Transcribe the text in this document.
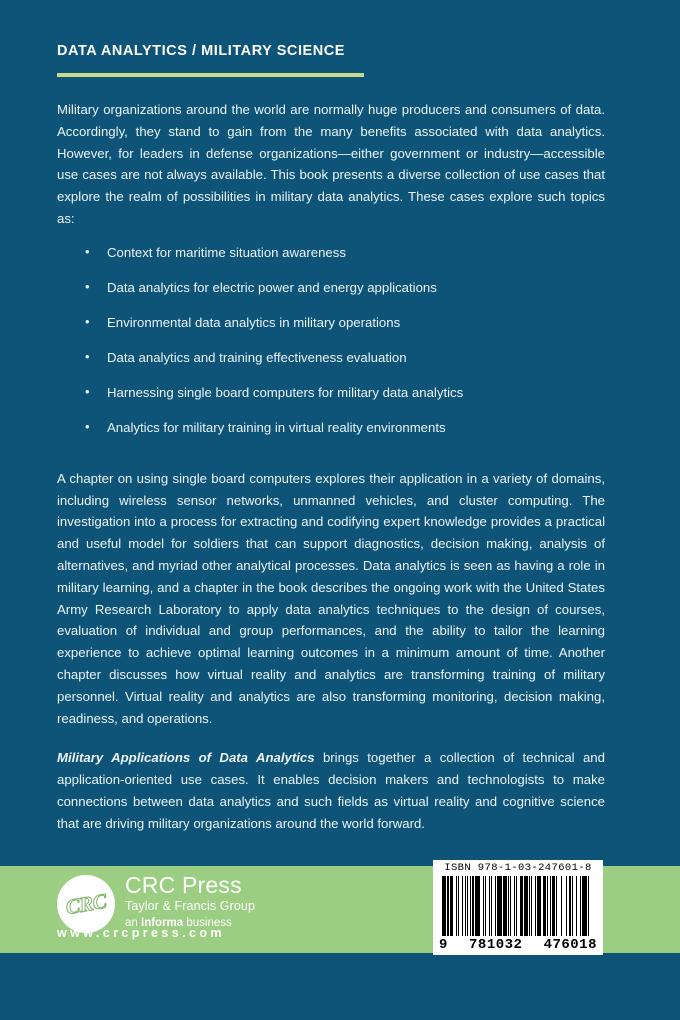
DATA ANALYTICS / MILITARY SCIENCE

Military organizations around the world are normally huge producers and consumers of data. Accordingly, they stand to gain from the many benefits associated with data analytics. However, for leaders in defense organizations—either government or industry—accessible use cases are not always available. This book presents a diverse collection of use cases that explore the realm of possibilities in military data analytics. These cases explore such topics as:

• Context for maritime situation awareness
• Data analytics for electric power and energy applications
• Environmental data analytics in military operations
• Data analytics and training effectiveness evaluation
• Harnessing single board computers for military data analytics
• Analytics for military training in virtual reality environments

A chapter on using single board computers explores their application in a variety of domains, including wireless sensor networks, unmanned vehicles, and cluster computing. The investigation into a process for extracting and codifying expert knowledge provides a practical and useful model for soldiers that can support diagnostics, decision making, analysis of alternatives, and myriad other analytical processes. Data analytics is seen as having a role in military learning, and a chapter in the book describes the ongoing work with the United States Army Research Laboratory to apply data analytics techniques to the design of courses, evaluation of individual and group performances, and the ability to tailor the learning experience to achieve optimal learning outcomes in a minimum amount of time. Another chapter discusses how virtual reality and analytics are transforming training of military personnel. Virtual reality and analytics are also transforming monitoring, decision making, readiness, and operations.

Military Applications of Data Analytics brings together a collection of technical and application-oriented use cases. It enables decision makers and technologists to make connections between data analytics and such fields as virtual reality and cognitive science that are driving military organizations around the world forward.

CRC
CRC Press
Taylor & Francis Group
an Informa business
www.crcpress.com
ISBN 978-1-03-247601-8
9 781032 476018
